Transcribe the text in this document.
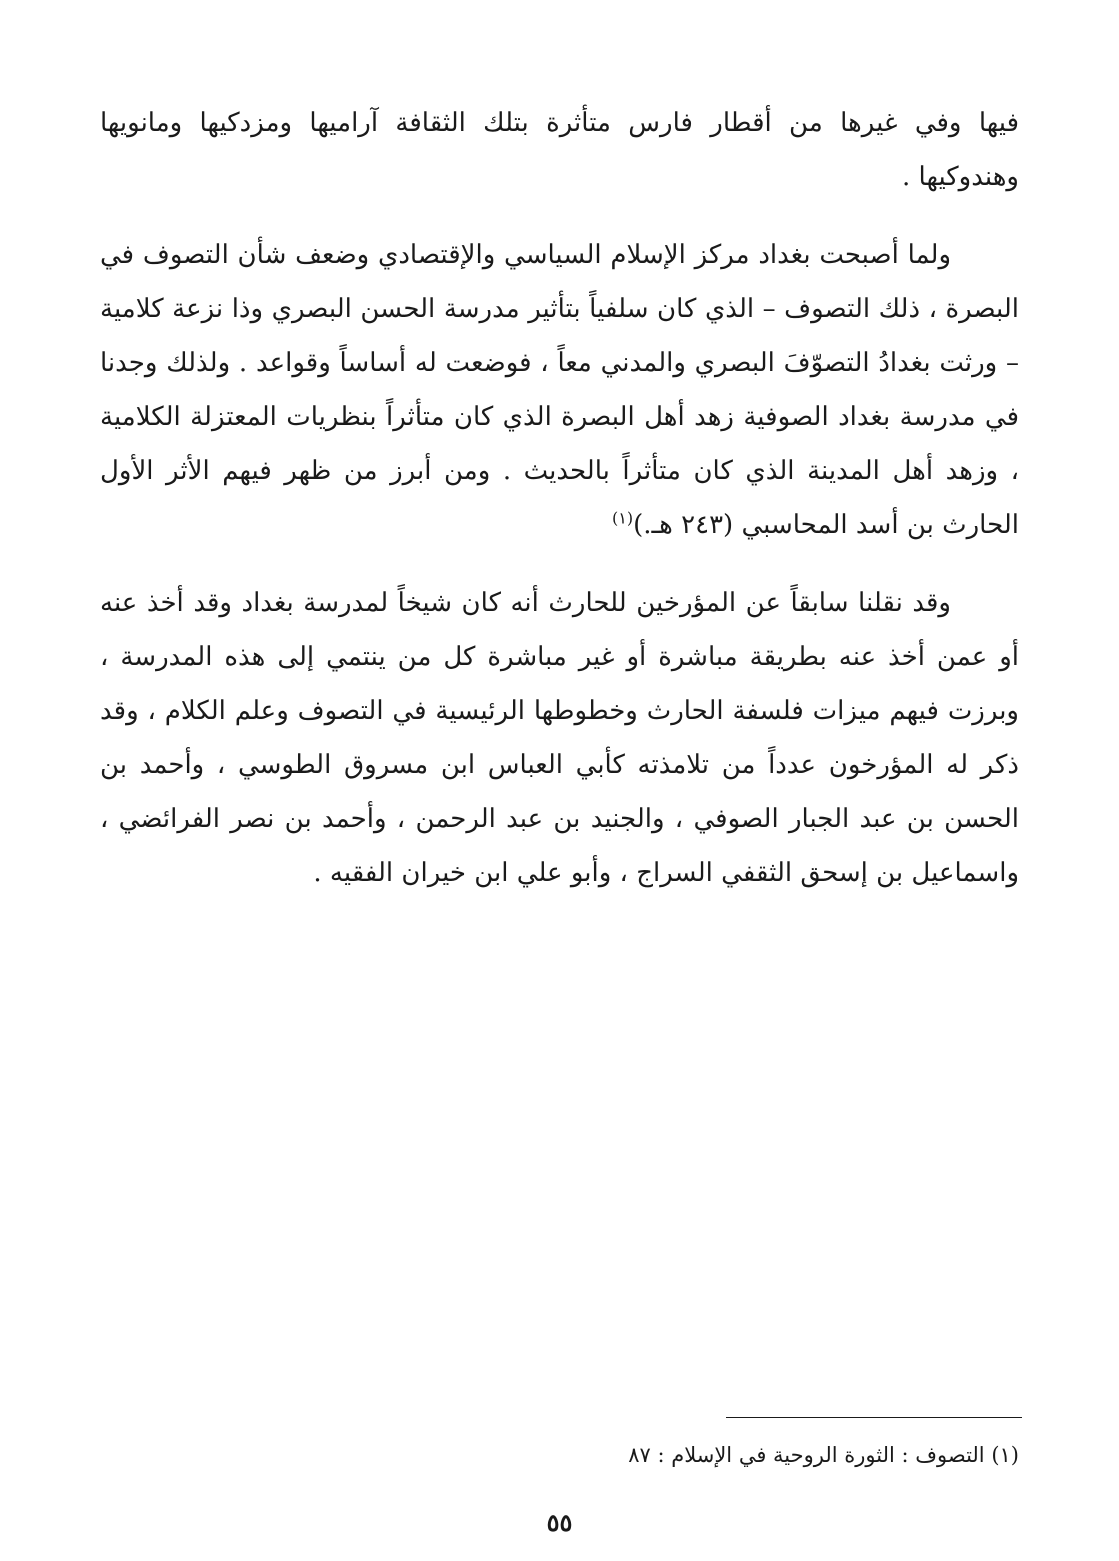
فيها وفي غيرها من أقطار فارس متأثرة بتلك الثقافة آراميها ومزدكيها ومانويها وهندوكيها .

ولما أصبحت بغداد مركز الإسلام السياسي والإقتصادي وضعف شأن التصوف في البصرة ، ذلك التصوف – الذي كان سلفياً بتأثير مدرسة الحسن البصري وذا نزعة كلامية – ورثت بغدادُ التصوّفَ البصري والمدني معاً ، فوضعت له أساساً وقواعد . ولذلك وجدنا في مدرسة بغداد الصوفية زهد أهل البصرة الذي كان متأثراً بنظريات المعتزلة الكلامية ، وزهد أهل المدينة الذي كان متأثراً بالحديث . ومن أبرز من ظهر فيهم الأثر الأول الحارث بن أسد المحاسبي (٢٤٣ هـ.)$^{(١)}$

وقد نقلنا سابقاً عن المؤرخين للحارث أنه كان شيخاً لمدرسة بغداد وقد أخذ عنه أو عمن أخذ عنه بطريقة مباشرة أو غير مباشرة كل من ينتمي إلى هذه المدرسة ، وبرزت فيهم ميزات فلسفة الحارث وخطوطها الرئيسية في التصوف وعلم الكلام ، وقد ذكر له المؤرخون عدداً من تلامذته كأبي العباس ابن مسروق الطوسي ، وأحمد بن الحسن بن عبد الجبار الصوفي ، والجنيد بن عبد الرحمن ، وأحمد بن نصر الفرائضي ، واسماعيل بن إسحق الثقفي السراج ، وأبو علي ابن خيران الفقيه .

(١) التصوف : الثورة الروحية في الإسلام : ٨٧
٥٥
